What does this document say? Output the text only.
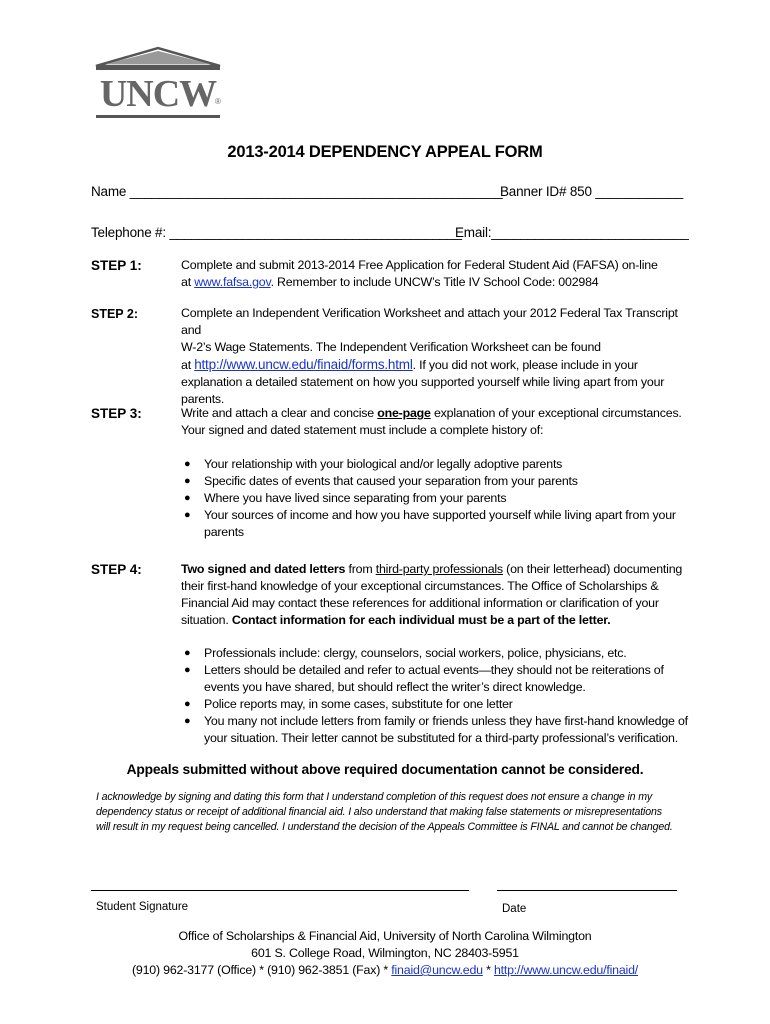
UNCW
®
2013-2014 DEPENDENCY APPEAL FORM
Name ___________________________________________________
Banner ID# 850 ____________
Telephone #: ________________________________________
Email:___________________________
STEP 1:	Complete and submit 2013-2014 Free Application for Federal Student Aid (FAFSA) on-line
at www.fafsa.gov. Remember to include UNCW’s Title IV School Code: 002984
STEP 2:	Complete an Independent Verification Worksheet and attach your 2012 Federal Tax Transcript and
W-2’s Wage Statements. The Independent Verification Worksheet can be found
at http://www.uncw.edu/finaid/forms.html. If you did not work, please include in your
explanation a detailed statement on how you supported yourself while living apart from your
parents.
STEP 3:	Write and attach a clear and concise one-page explanation of your exceptional circumstances.
Your signed and dated statement must include a complete history of:
● Your relationship with your biological and/or legally adoptive parents
● Specific dates of events that caused your separation from your parents
● Where you have lived since separating from your parents
● Your sources of income and how you have supported yourself while living apart from your parents
STEP 4:	Two signed and dated letters from third-party professionals (on their letterhead) documenting
their first-hand knowledge of your exceptional circumstances. The Office of Scholarships &
Financial Aid may contact these references for additional information or clarification of your
situation. Contact information for each individual must be a part of the letter.
● Professionals include: clergy, counselors, social workers, police, physicians, etc.
● Letters should be detailed and refer to actual events—they should not be reiterations of events you have shared, but should reflect the writer’s direct knowledge.
● Police reports may, in some cases, substitute for one letter
● You many not include letters from family or friends unless they have first-hand knowledge of your situation. Their letter cannot be substituted for a third-party professional’s verification.
Appeals submitted without above required documentation cannot be considered.
I acknowledge by signing and dating this form that I understand completion of this request does not ensure a change in my
dependency status or receipt of additional financial aid. I also understand that making false statements or misrepresentations
will result in my request being cancelled. I understand the decision of the Appeals Committee is FINAL and cannot be changed.
Student Signature	Date
Office of Scholarships & Financial Aid, University of North Carolina Wilmington
601 S. College Road, Wilmington, NC 28403-5951
(910) 962-3177 (Office) * (910) 962-3851 (Fax) * finaid@uncw.edu * http://www.uncw.edu/finaid/
